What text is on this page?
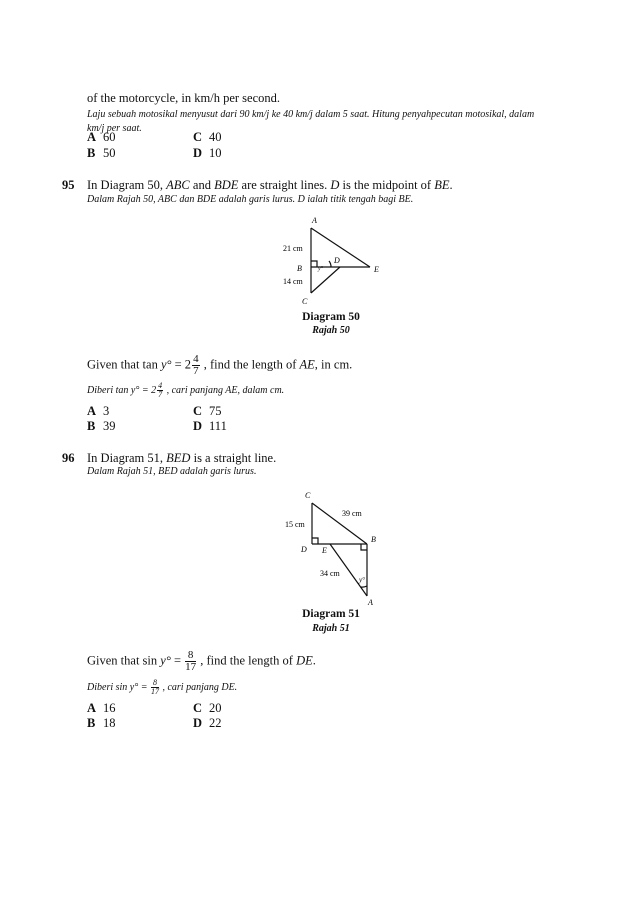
of the motorcycle, in km/h per second.
Laju sebuah motosikal menyusut dari 90 km/j ke 40 km/j dalam 5 saat. Hitung penyahpecutan motosikal, dalam
km/j per saat.
A 60	C 40
B 50	D 10
95 In Diagram 50, ABC and BDE are straight lines. D is the midpoint of BE.
Dalam Rajah 50, ABC dan BDE adalah garis lurus. D ialah titik tengah bagi BE.
A
B
C
D
E
y°
21 cm
14 cm
Diagram 50
Rajah 50
Given that $\tan y^\circ = 2 \frac{4}{7}$ , find the length of AE, in cm.
Diberi $\tan y^\circ = 2 \frac{4}{7}$ , cari panjang AE, dalam cm.
A 3	C 75
B 39	D 111
96 In Diagram 51, BED is a straight line.
Dalam Rajah 51, BED adalah garis lurus.
C
B
D E
A
y°
15 cm
39 cm
34 cm
Diagram 51
Rajah 51
Given that $\sin y^\circ = \frac{8}{17}$ , find the length of DE.
Diberi $\sin y^\circ = \frac{8}{17}$ , cari panjang DE.
A 16	C 20
B 18	D 22
